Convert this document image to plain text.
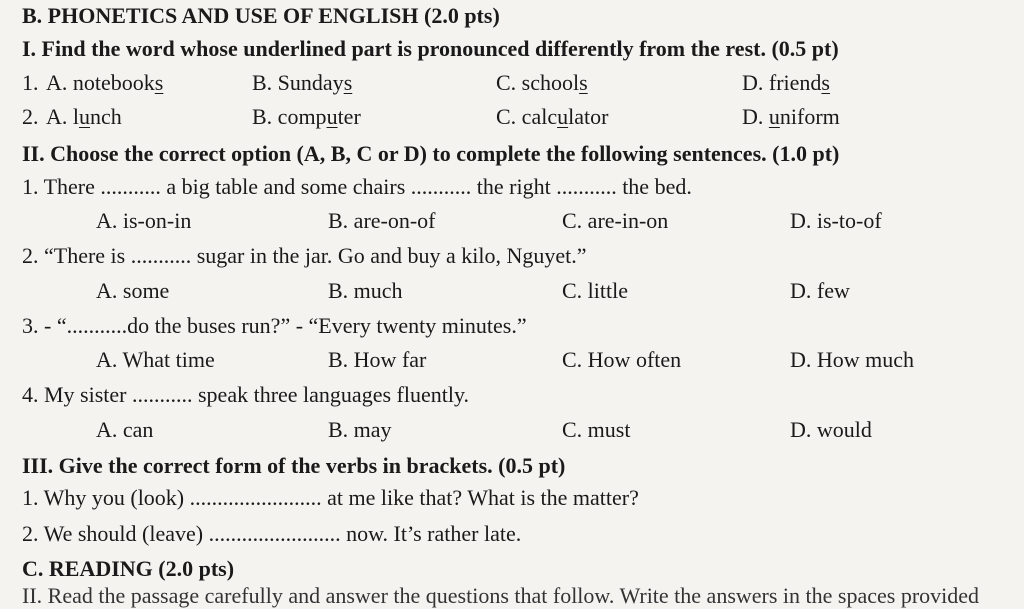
B. PHONETICS AND USE OF ENGLISH (2.0 pts)
I. Find the word whose underlined part is pronounced differently from the rest. (0.5 pt)
1. A. notebooks	B. Sundays	C. schools	D. friends
2. A. lunch	B. computer	C. calculator	D. uniform
II. Choose the correct option (A, B, C or D) to complete the following sentences. (1.0 pt)
1. There ........... a big table and some chairs ........... the right ........... the bed.
A. is-on-in	B. are-on-of	C. are-in-on	D. is-to-of
2. “There is ........... sugar in the jar. Go and buy a kilo, Nguyet.”
A. some	B. much	C. little	D. few
3. - “...........do the buses run?” - “Every twenty minutes.”
A. What time	B. How far	C. How often	D. How much
4. My sister ........... speak three languages fluently.
A. can	B. may	C. must	D. would
III. Give the correct form of the verbs in brackets. (0.5 pt)
1. Why you (look) ........................ at me like that? What is the matter?
2. We should (leave) ........................ now. It’s rather late.
C. READING (2.0 pts)
II. Read the passage carefully and answer the questions that follow. Write the answers in the spaces provided
